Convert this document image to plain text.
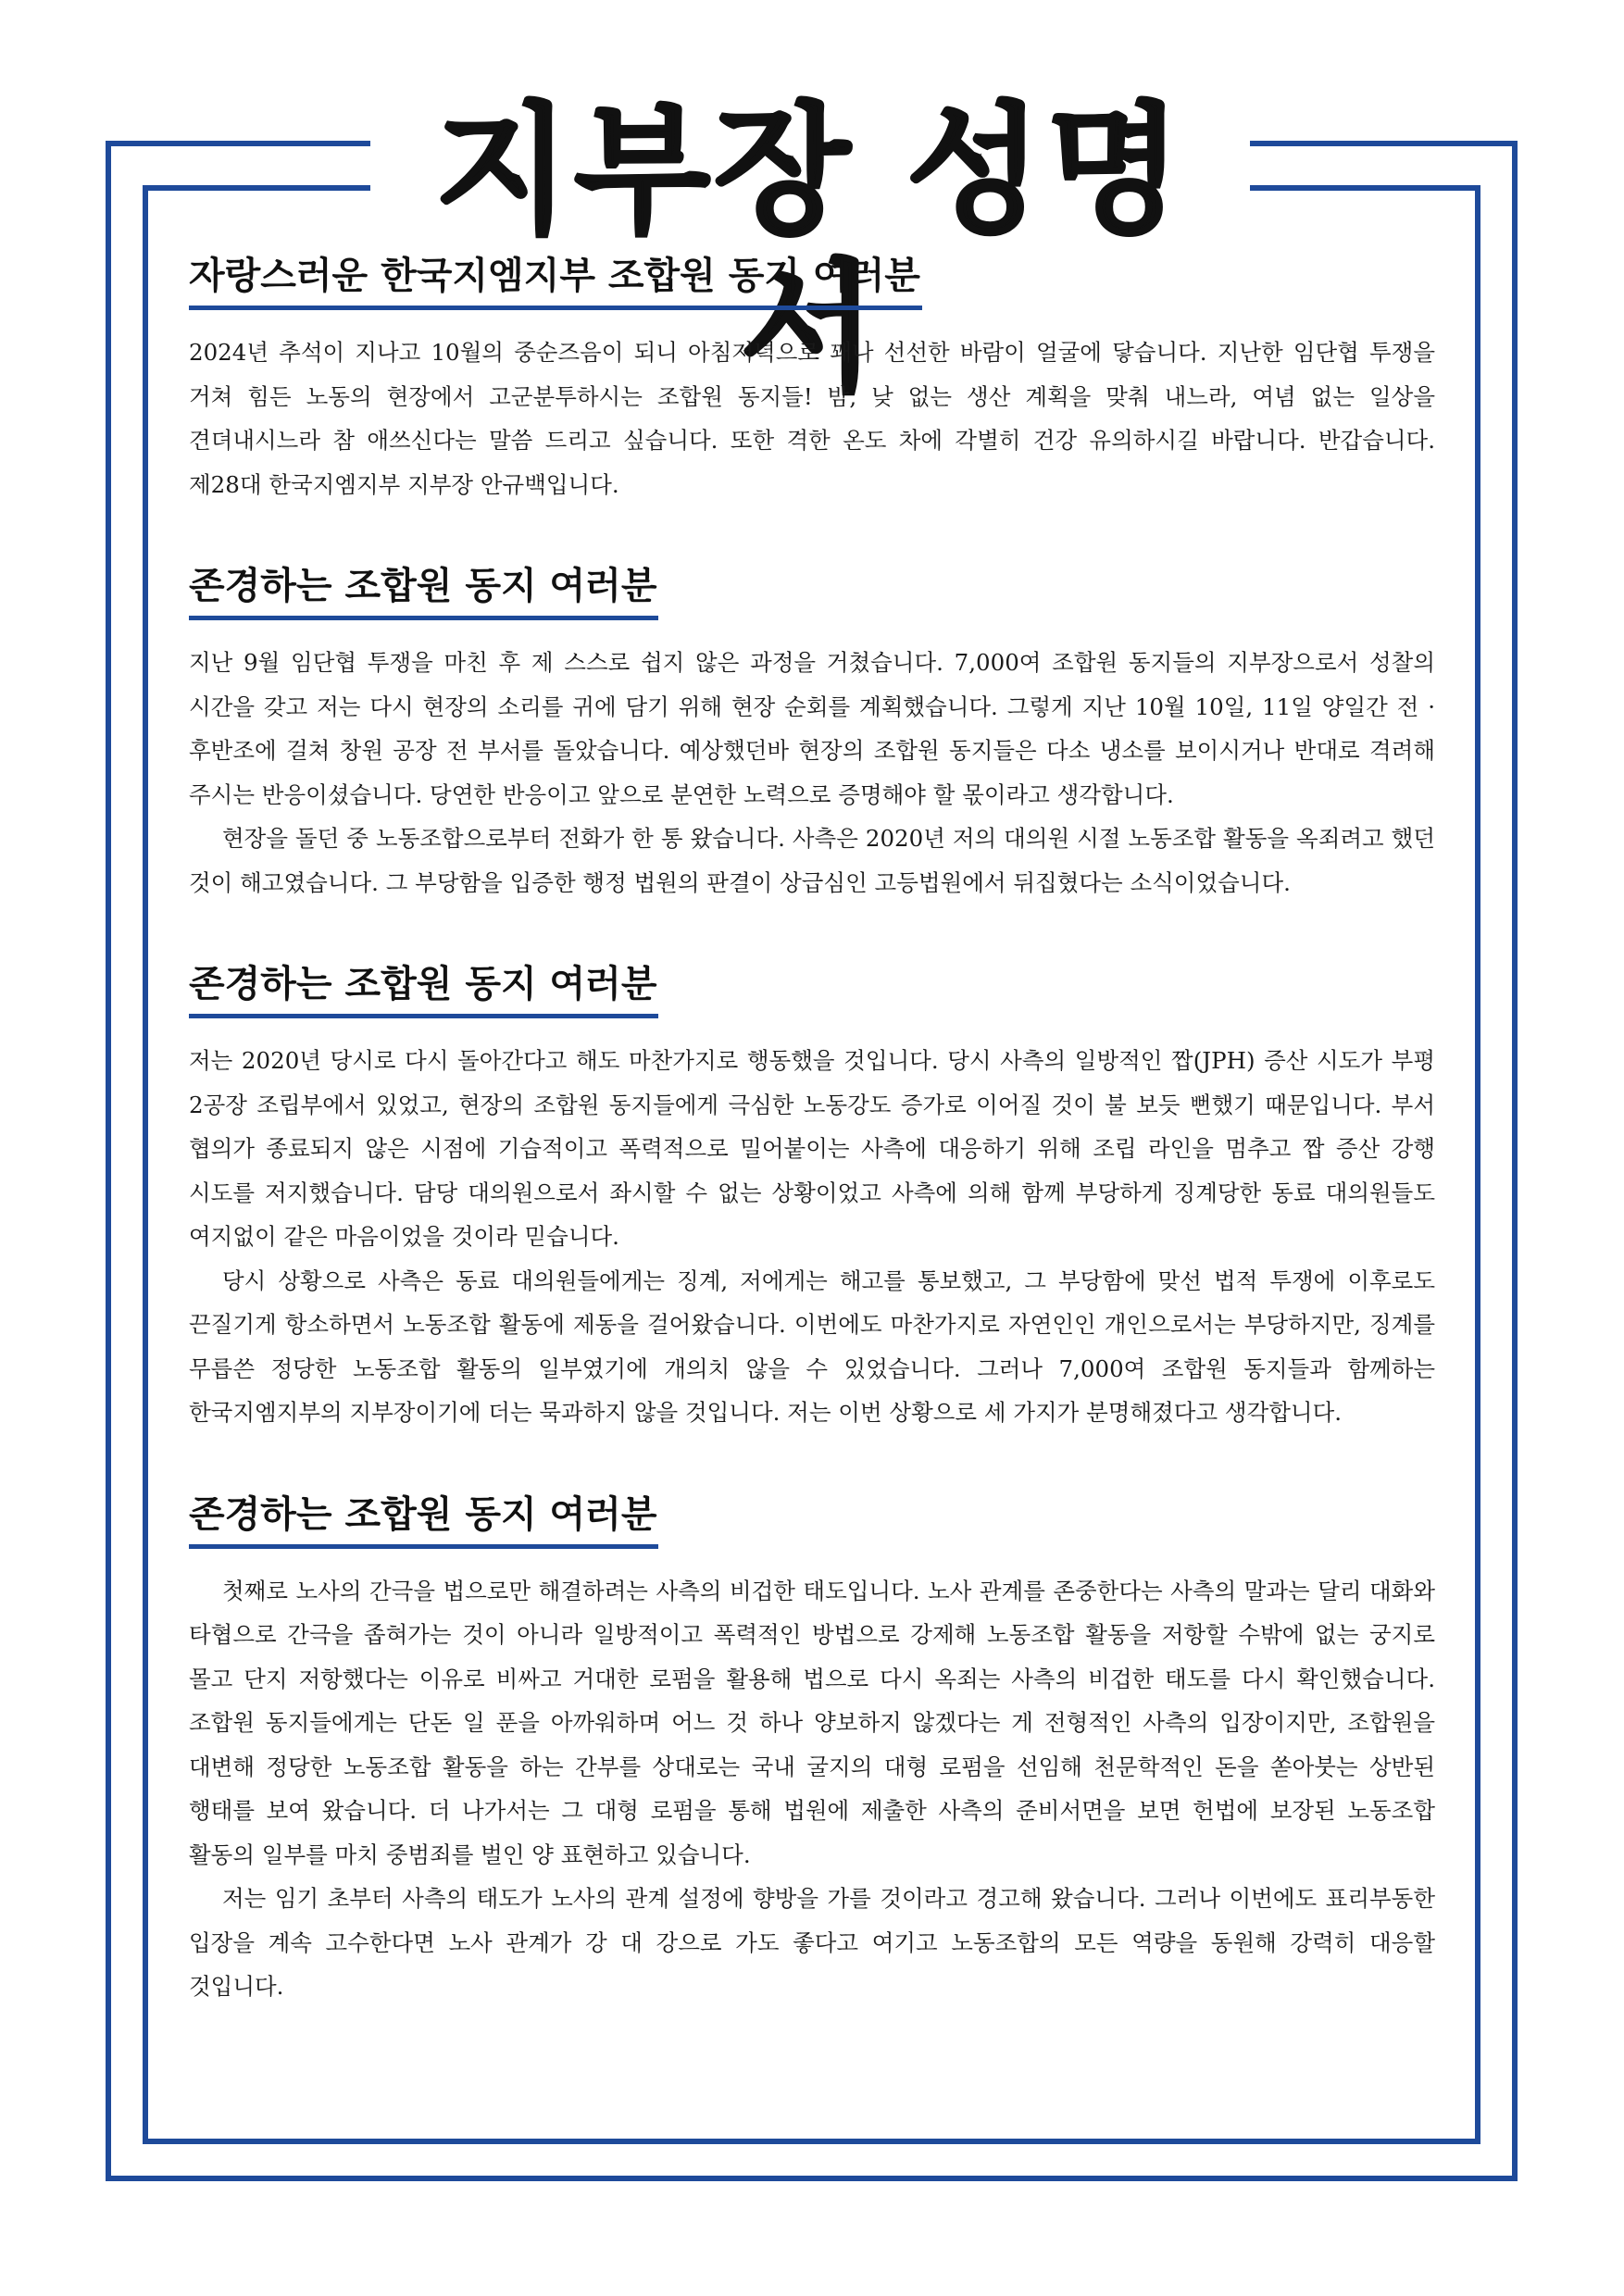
지부장 성명서
자랑스러운 한국지엠지부 조합원 동지 여러분

2024년 추석이 지나고 10월의 중순즈음이 되니 아침저녁으로 꽤나 선선한 바람이 얼굴에 닿습니다. 지난한 임단협 투쟁을 거쳐 힘든 노동의 현장에서 고군분투하시는 조합원 동지들! 밤, 낮 없는 생산 계획을 맞춰 내느라, 여념 없는 일상을 견뎌내시느라 참 애쓰신다는 말씀 드리고 싶습니다. 또한 격한 온도 차에 각별히 건강 유의하시길 바랍니다. 반갑습니다. 제28대 한국지엠지부 지부장 안규백입니다.

존경하는 조합원 동지 여러분

지난 9월 임단협 투쟁을 마친 후 제 스스로 쉽지 않은 과정을 거쳤습니다. 7,000여 조합원 동지들의 지부장으로서 성찰의 시간을 갖고 저는 다시 현장의 소리를 귀에 담기 위해 현장 순회를 계획했습니다. 그렇게 지난 10월 10일, 11일 양일간 전 · 후반조에 걸쳐 창원 공장 전 부서를 돌았습니다. 예상했던바 현장의 조합원 동지들은 다소 냉소를 보이시거나 반대로 격려해 주시는 반응이셨습니다. 당연한 반응이고 앞으로 분연한 노력으로 증명해야 할 몫이라고 생각합니다.

현장을 돌던 중 노동조합으로부터 전화가 한 통 왔습니다. 사측은 2020년 저의 대의원 시절 노동조합 활동을 옥죄려고 했던 것이 해고였습니다. 그 부당함을 입증한 행정 법원의 판결이 상급심인 고등법원에서 뒤집혔다는 소식이었습니다.

존경하는 조합원 동지 여러분

저는 2020년 당시로 다시 돌아간다고 해도 마찬가지로 행동했을 것입니다. 당시 사측의 일방적인 짭(JPH) 증산 시도가 부평 2공장 조립부에서 있었고, 현장의 조합원 동지들에게 극심한 노동강도 증가로 이어질 것이 불 보듯 뻔했기 때문입니다. 부서 협의가 종료되지 않은 시점에 기습적이고 폭력적으로 밀어붙이는 사측에 대응하기 위해 조립 라인을 멈추고 짭 증산 강행 시도를 저지했습니다. 담당 대의원으로서 좌시할 수 없는 상황이었고 사측에 의해 함께 부당하게 징계당한 동료 대의원들도 여지없이 같은 마음이었을 것이라 믿습니다.

당시 상황으로 사측은 동료 대의원들에게는 징계, 저에게는 해고를 통보했고, 그 부당함에 맞선 법적 투쟁에 이후로도 끈질기게 항소하면서 노동조합 활동에 제동을 걸어왔습니다. 이번에도 마찬가지로 자연인인 개인으로서는 부당하지만, 징계를 무릅쓴 정당한 노동조합 활동의 일부였기에 개의치 않을 수 있었습니다. 그러나 7,000여 조합원 동지들과 함께하는 한국지엠지부의 지부장이기에 더는 묵과하지 않을 것입니다. 저는 이번 상황으로 세 가지가 분명해졌다고 생각합니다.

존경하는 조합원 동지 여러분

첫째로 노사의 간극을 법으로만 해결하려는 사측의 비겁한 태도입니다. 노사 관계를 존중한다는 사측의 말과는 달리 대화와 타협으로 간극을 좁혀가는 것이 아니라 일방적이고 폭력적인 방법으로 강제해 노동조합 활동을 저항할 수밖에 없는 궁지로 몰고 단지 저항했다는 이유로 비싸고 거대한 로펌을 활용해 법으로 다시 옥죄는 사측의 비겁한 태도를 다시 확인했습니다. 조합원 동지들에게는 단돈 일 푼을 아까워하며 어느 것 하나 양보하지 않겠다는 게 전형적인 사측의 입장이지만, 조합원을 대변해 정당한 노동조합 활동을 하는 간부를 상대로는 국내 굴지의 대형 로펌을 선임해 천문학적인 돈을 쏟아붓는 상반된 행태를 보여 왔습니다. 더 나가서는 그 대형 로펌을 통해 법원에 제출한 사측의 준비서면을 보면 헌법에 보장된 노동조합 활동의 일부를 마치 중범죄를 벌인 양 표현하고 있습니다.

저는 임기 초부터 사측의 태도가 노사의 관계 설정에 향방을 가를 것이라고 경고해 왔습니다. 그러나 이번에도 표리부동한 입장을 계속 고수한다면 노사 관계가 강 대 강으로 가도 좋다고 여기고 노동조합의 모든 역량을 동원해 강력히 대응할 것입니다.
